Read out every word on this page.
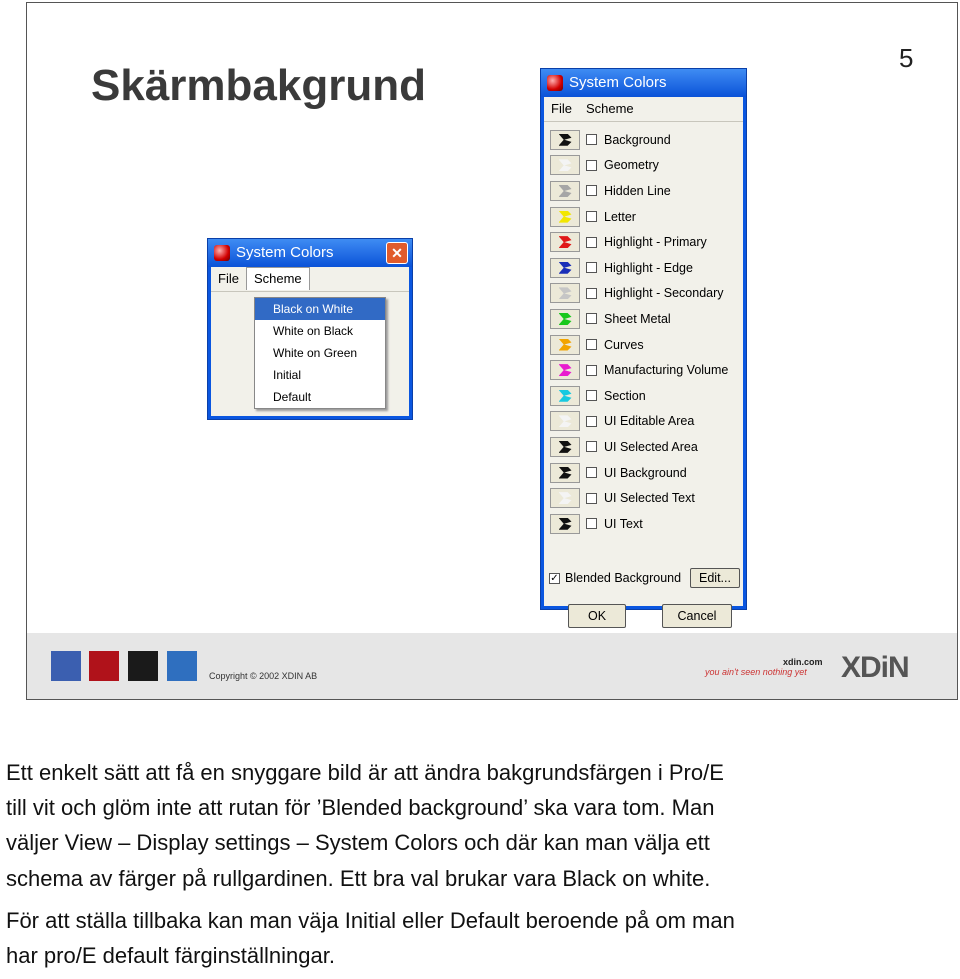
Skärmbakgrund
5
System Colors	✕
File Scheme
Black on White
White on Black
White on Green
Initial
Default
System Colors
File Scheme
Background
Geometry
Hidden Line
Letter
Highlight - Primary
Highlight - Edge
Highlight - Secondary
Sheet Metal
Curves
Manufacturing Volume
Section
UI Editable Area
UI Selected Area
UI Background
UI Selected Text
UI Text
✓ Blended Background	Edit...
OK	Cancel
Copyright © 2002 XDIN AB
xdin.com
you ain't seen nothing yet XDiN
Ett enkelt sätt att få en snyggare bild är att ändra bakgrundsfärgen i Pro/E
till vit och glöm inte att rutan för ’Blended background’ ska vara tom. Man
väljer View – Display settings – System Colors och där kan man välja ett
schema av färger på rullgardinen. Ett bra val brukar vara Black on white.
För att ställa tillbaka kan man väja Initial eller Default beroende på om man
har pro/E default färginställningar.
